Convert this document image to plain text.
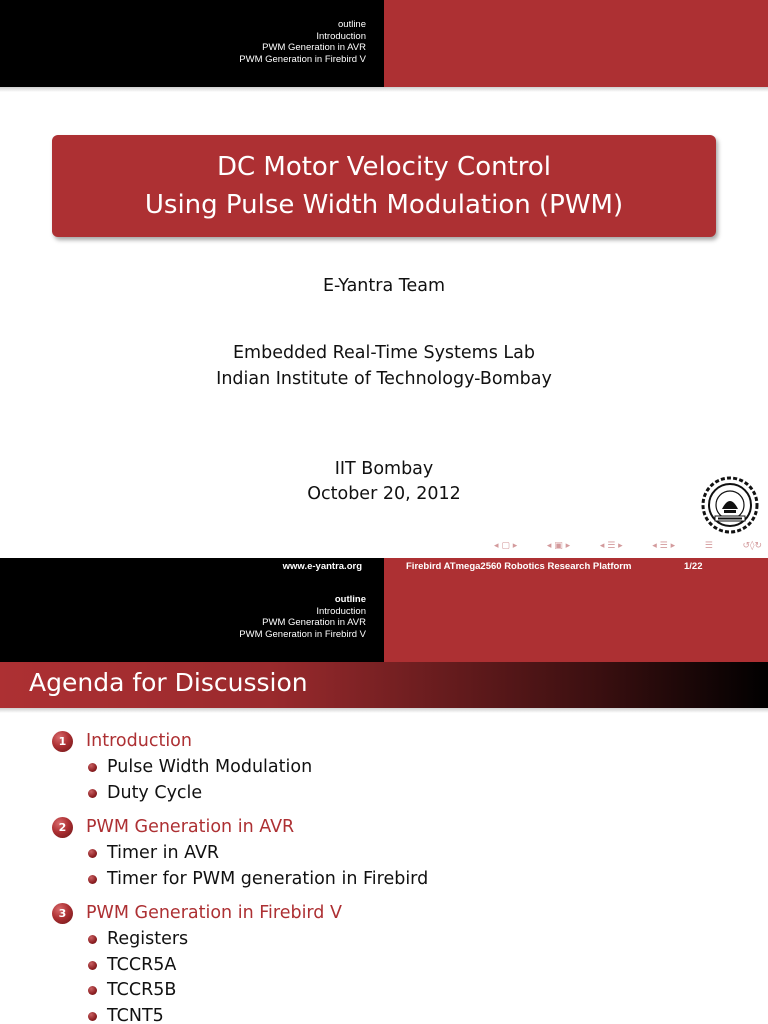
outline
Introduction
PWM Generation in AVR
PWM Generation in Firebird V
DC Motor Velocity Control
Using Pulse Width Modulation (PWM)
E-Yantra Team
Embedded Real-Time Systems Lab
Indian Institute of Technology-Bombay
IIT Bombay
October 20, 2012
◂ ▢ ▸	◂ ▣ ▸	◂ ☰ ▸	◂ ☰ ▸	☰	↺◊↻
www.e-yantra.org	Firebird ATmega2560 Robotics Research Platform	1/22
outline
Introduction
PWM Generation in AVR
PWM Generation in Firebird V
Agenda for Discussion
1	Introduction
Pulse Width Modulation
Duty Cycle
2	PWM Generation in AVR
Timer in AVR
Timer for PWM generation in Firebird
3	PWM Generation in Firebird V
Registers
TCCR5A
TCCR5B
TCNT5
